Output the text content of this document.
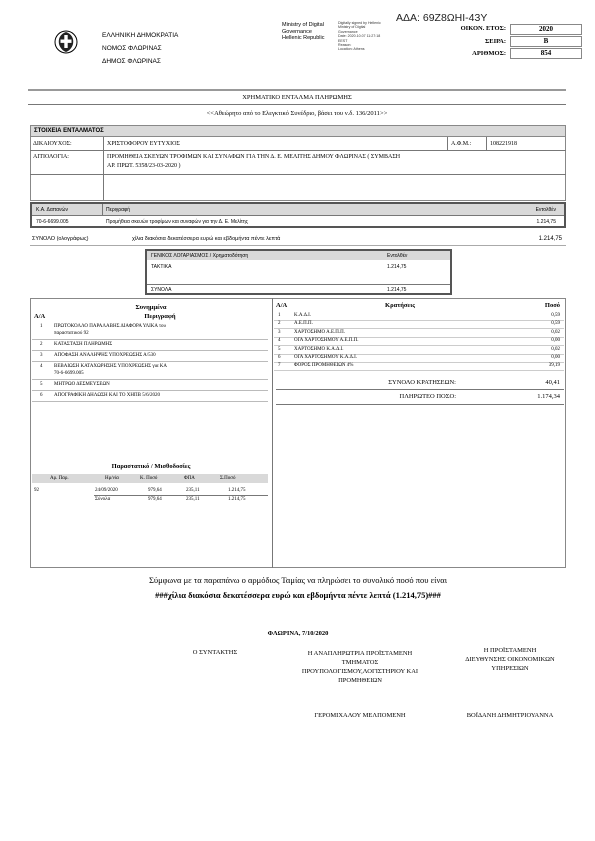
ΑΔΑ: 69Ζ8ΩΗΙ-43Υ
ΕΛΛΗΝΙΚΗ ΔΗΜΟΚΡΑΤΙΑ
ΝΟΜΟΣ ΦΛΩΡΙΝΑΣ
ΔΗΜΟΣ ΦΛΩΡΙΝΑΣ
Ministry of Digital
Governance
Hellenic Republic
Digitally signed by Hellenic
Ministry of Digital
Governance
Date: 2020.10.07 11:27:18
EEST
Reason:
Location: Athens
ΟΙΚΟΝ. ΕΤΟΣ:	2020
ΣΕΙΡΑ:	Β
ΑΡΙΘΜΟΣ:	854
ΧΡΗΜΑΤΙΚΟ ΕΝΤΑΛΜΑ ΠΛΗΡΩΜΗΣ
<<Αθεώρητο από το Ελεγκτικό Συνέδριο, βάσει του ν.δ. 136/2011>>
ΣΤΟΙΧΕΙΑ ΕΝΤΑΛΜΑΤΟΣ
ΔΙΚΑΙΟΥΧΟΣ:	ΧΡΙΣΤΟΦΟΡΟΥ ΕΥΤΥΧΙΟΣ	Α.Φ.Μ.:	108221918
ΑΙΤΙΟΛΟΓΙΑ:	ΠΡΟΜΗΘΕΙΑ ΣΚΕΥΩΝ ΤΡΟΦΙΜΩΝ ΚΑΙ ΣΥΝΑΦΩΝ ΓΙΑ ΤΗΝ Δ. Ε. ΜΕΛΙΤΗΣ ΔΗΜΟΥ ΦΛΩΡΙΝΑΣ ( ΣΥΜΒΑΣΗ
ΑΡ. ΠΡΩΤ. 5358/23-03-2020 )
Κ.Α. Δαπανών	Περιγραφή	Εντολθέν
70-6-6699.005	Προμήθεια σκευών τροφίμων και συναφών για την Δ. Ε. Μελίτης	1.214,75
ΣΥΝΟΛΟ (ολογράφως)	χίλια διακόσια δεκατέσσερα ευρώ και εβδομήντα πέντε λεπτά	1.214,75
ΓΕΝΙΚΟΣ ΛΟΓΑΡΙΑΣΜΟΣ / Χρηματοδότηση	Εντολθέν
ΤΑΚΤΙΚΑ	1.214,75
ΣΥΝΟΛΑ	1.214,75
Συνημμένα
Α/Α	Περιγραφή
1 ΠΡΩΤΟΚΟΛΛΟ ΠΑΡΑΛΑΒΗΣ ΔΙΑΦΟΡΑ ΥΛΙΚΑ του
παραστατικού 92
2 ΚΑΤΑΣΤΑΣΗ ΠΛΗΡΩΜΗΣ
3 ΑΠΟΦΑΣΗ ΑΝΑΛΗΨΗΣ ΥΠΟΧΡΕΩΣΗΣ Α/530
4 ΒΕΒΑΙΩΣΗ ΚΑΤΑΧΩΡΗΣΗΣ ΥΠΟΧΡΕΩΣΗΣ για ΚΑ
70-6-6699.005
5 ΜΗΤΡΩΟ ΔΕΣΜΕΥΣΕΩΝ
6 ΑΠΟΓΡΑΦΙΚΗ ΔΗΛΩΣΗ ΚΑΙ ΤΟ ΧΗΠΒ 5/6/2020
Α/Α	Κρατήσεις	Ποσό
1	Κ.Α.Δ.Ι.	0,59
2	Α.Ε.Π.Π.	0,59
3	ΧΑΡΤΟΣΗΜΟ Α.Ε.Π.Π.	0,02
4	ΟΓΑ ΧΑΡΤΟΣΗΜΟΥ Α.Ε.Π.Π.	0,00
5	ΧΑΡΤΟΣΗΜΟ Κ.Α.Δ.Ι.	0,02
6	ΟΓΑ ΧΑΡΤΟΣΗΜΟΥ Κ.Α.Δ.Ι.	0,00
7	ΦΟΡΟΣ ΠΡΟΜΗΘΕΙΩΝ 4%	39,19
ΣΥΝΟΛΟ ΚΡΑΤΗΣΕΩΝ:	40,41
ΠΛΗΡΩΤΕΟ ΠΟΣΟ:	1.174,34
Παραστατικό / Μισθοδοσίες
Αρ. Παρ.	Ημ/νία	Κ. Ποσό	ΦΠΑ	Σ.Ποσό
92	24/09/2020	979,64	235,11	1.214,75
Σύνολα	979,64	235,11	1.214,75
Σύμφωνα με τα παραπάνω ο αρμόδιος Ταμίας να πληρώσει το συνολικό ποσό που είναι
###χίλια διακόσια δεκατέσσερα ευρώ και εβδομήντα πέντε λεπτά (1.214,75)###
ΦΛΩΡΙΝΑ, 7/10/2020
Ο ΣΥΝΤΑΚΤΗΣ	Η ΑΝΑΠΛΗΡΩΤΡΙΑ ΠΡΟΪΣΤΑΜΕΝΗ
ΤΜΗΜΑΤΟΣ
ΠΡΟΥΠΟΛΟΓΙΣΜΟΥ,ΛΟΓΙΣΤΗΡΙΟΥ ΚΑΙ
ΠΡΟΜΗΘΕΙΩΝ
ΓΕΡΟΜΙΧΑΛΟΥ ΜΕΛΠΟΜΕΝΗ
Η ΠΡΟΪΣΤΑΜΕΝΗ
ΔΙΕΥΘΥΝΣΗΣ ΟΙΚΟΝΟΜΙΚΩΝ
ΥΠΗΡΕΣΙΩΝ
ΒΟΪΔΑΝΗ ΔΗΜΗΤΡΙΟΥΑΝΝΑ
